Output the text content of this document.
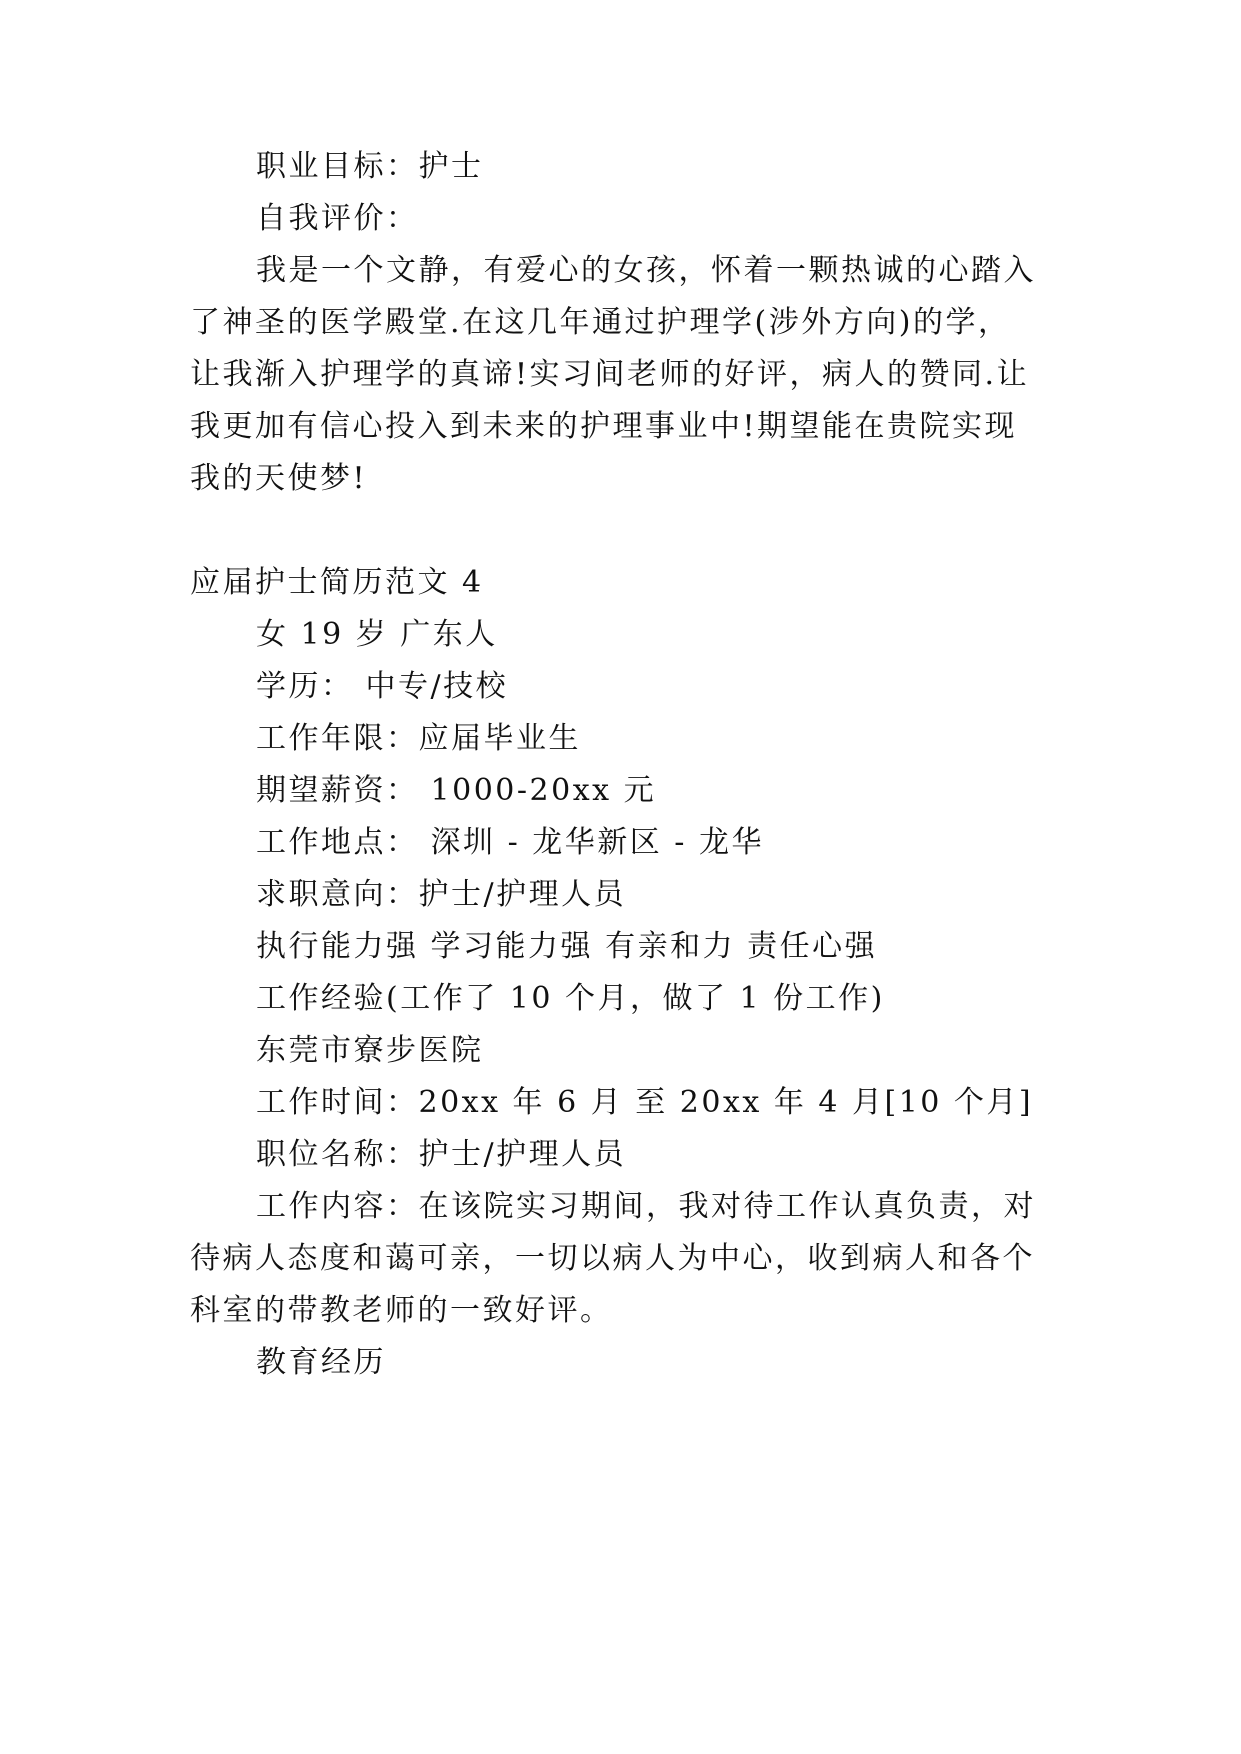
职业目标：护士
自我评价：
我是一个文静，有爱心的女孩，怀着一颗热诚的心踏入
了神圣的医学殿堂.在这几年通过护理学(涉外方向)的学，
让我渐入护理学的真谛!实习间老师的好评，病人的赞同.让
我更加有信心投入到未来的护理事业中!期望能在贵院实现
我的天使梦!
应届护士简历范文 4
女 19 岁 广东人
学历： 中专/技校
工作年限：应届毕业生
期望薪资： 1000-20xx 元
工作地点： 深圳 - 龙华新区 - 龙华
求职意向：护士/护理人员
执行能力强 学习能力强 有亲和力 责任心强
工作经验(工作了 10 个月，做了 1 份工作)
东莞市寮步医院
工作时间：20xx 年 6 月 至 20xx 年 4 月[10 个月]
职位名称：护士/护理人员
工作内容：在该院实习期间，我对待工作认真负责，对
待病人态度和蔼可亲，一切以病人为中心，收到病人和各个
科室的带教老师的一致好评。
教育经历
